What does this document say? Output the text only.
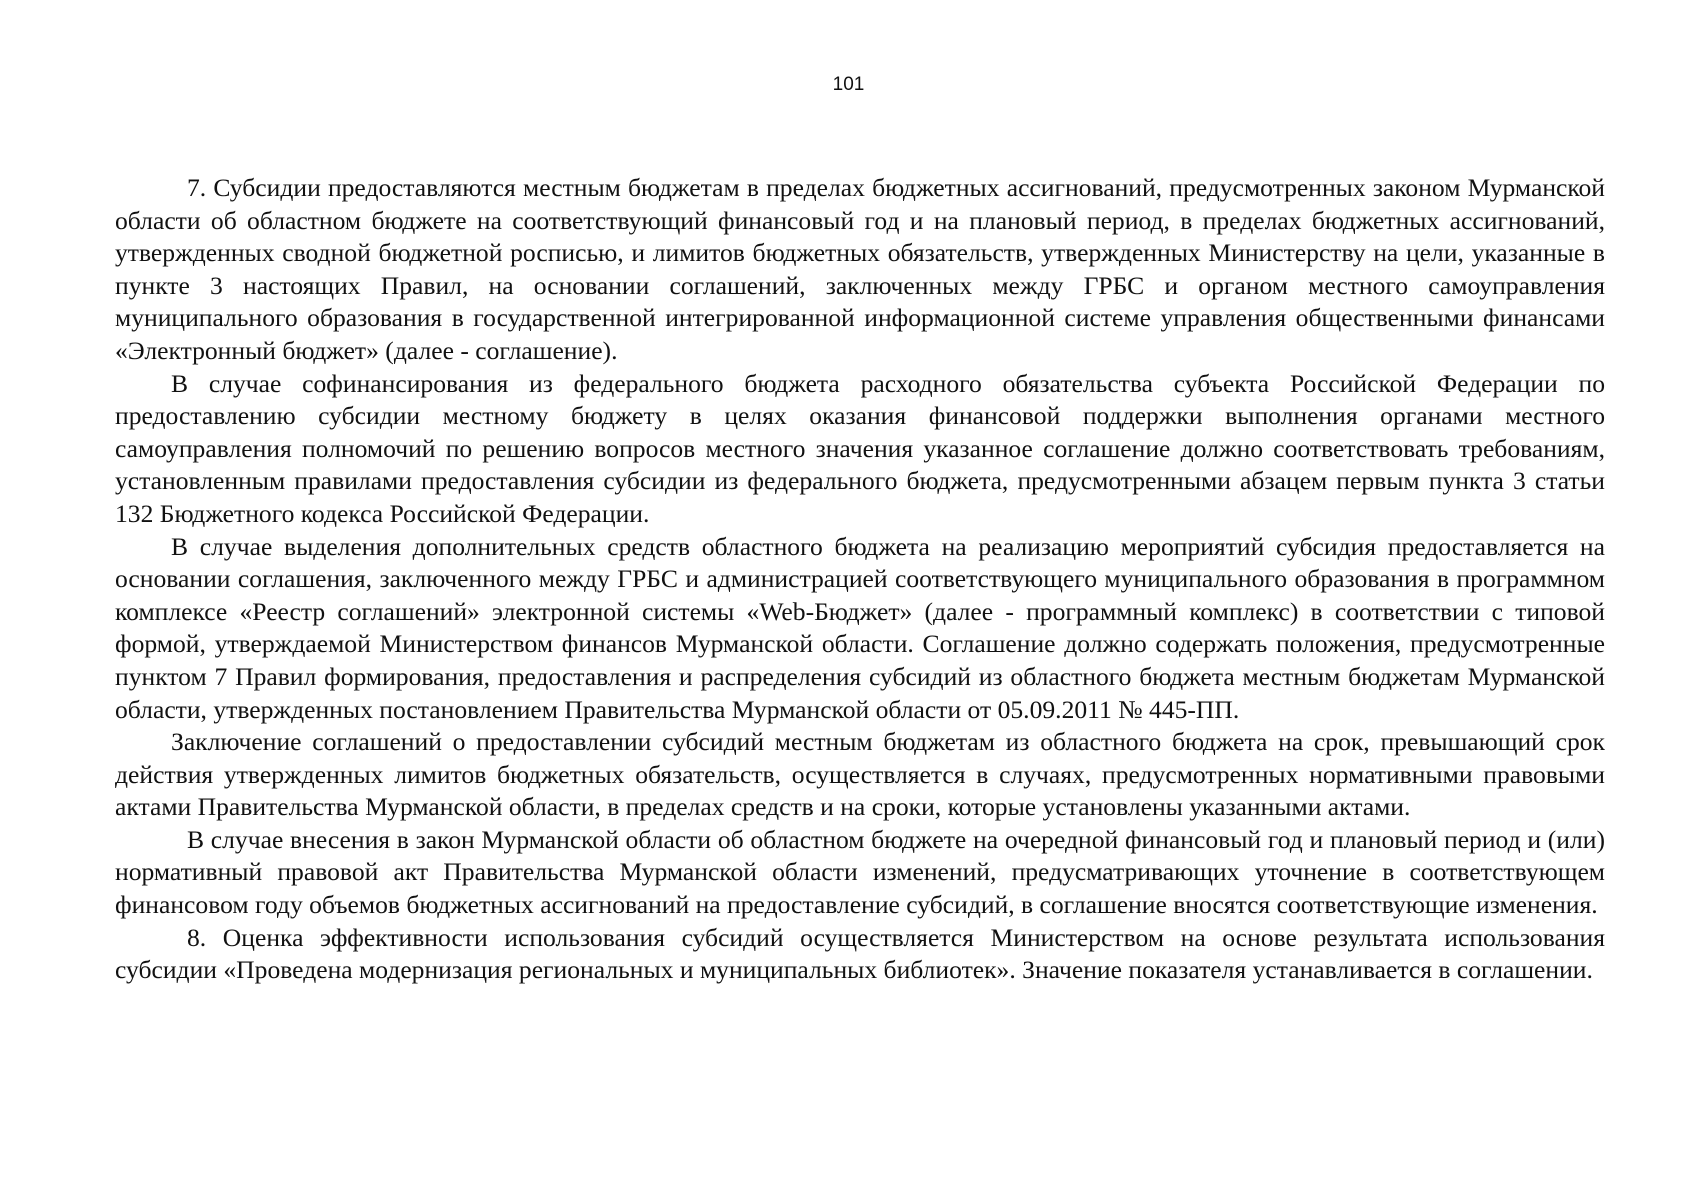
101

7. Субсидии предоставляются местным бюджетам в пределах бюджетных ассигнований, предусмотренных законом Мурманской области об областном бюджете на соответствующий финансовый год и на плановый период, в пределах бюджетных ассигнований, утвержденных сводной бюджетной росписью, и лимитов бюджетных обязательств, утвержденных Министерству на цели, указанные в пункте 3 настоящих Правил, на основании соглашений, заключенных между ГРБС и органом местного самоуправления муниципального образования в государственной интегрированной информационной системе управления общественными финансами «Электронный бюджет» (далее - соглашение).

В случае софинансирования из федерального бюджета расходного обязательства субъекта Российской Федерации по предоставлению субсидии местному бюджету в целях оказания финансовой поддержки выполнения органами местного самоуправления полномочий по решению вопросов местного значения указанное соглашение должно соответствовать требованиям, установленным правилами предоставления субсидии из федерального бюджета, предусмотренными абзацем первым пункта 3 статьи 132 Бюджетного кодекса Российской Федерации.

В случае выделения дополнительных средств областного бюджета на реализацию мероприятий субсидия предоставляется на основании соглашения, заключенного между ГРБС и администрацией соответствующего муниципального образования в программном комплексе «Реестр соглашений» электронной системы «Web-Бюджет» (далее - программный комплекс) в соответствии с типовой формой, утверждаемой Министерством финансов Мурманской области. Соглашение должно содержать положения, предусмотренные пунктом 7 Правил формирования, предоставления и распределения субсидий из областного бюджета местным бюджетам Мурманской области, утвержденных постановлением Правительства Мурманской области от 05.09.2011 № 445-ПП.

Заключение соглашений о предоставлении субсидий местным бюджетам из областного бюджета на срок, превышающий срок действия утвержденных лимитов бюджетных обязательств, осуществляется в случаях, предусмотренных нормативными правовыми актами Правительства Мурманской области, в пределах средств и на сроки, которые установлены указанными актами.

В случае внесения в закон Мурманской области об областном бюджете на очередной финансовый год и плановый период и (или) нормативный правовой акт Правительства Мурманской области изменений, предусматривающих уточнение в соответствующем финансовом году объемов бюджетных ассигнований на предоставление субсидий, в соглашение вносятся соответствующие изменения.

8. Оценка эффективности использования субсидий осуществляется Министерством на основе результата использования субсидии «Проведена модернизация региональных и муниципальных библиотек». Значение показателя устанавливается в соглашении.
